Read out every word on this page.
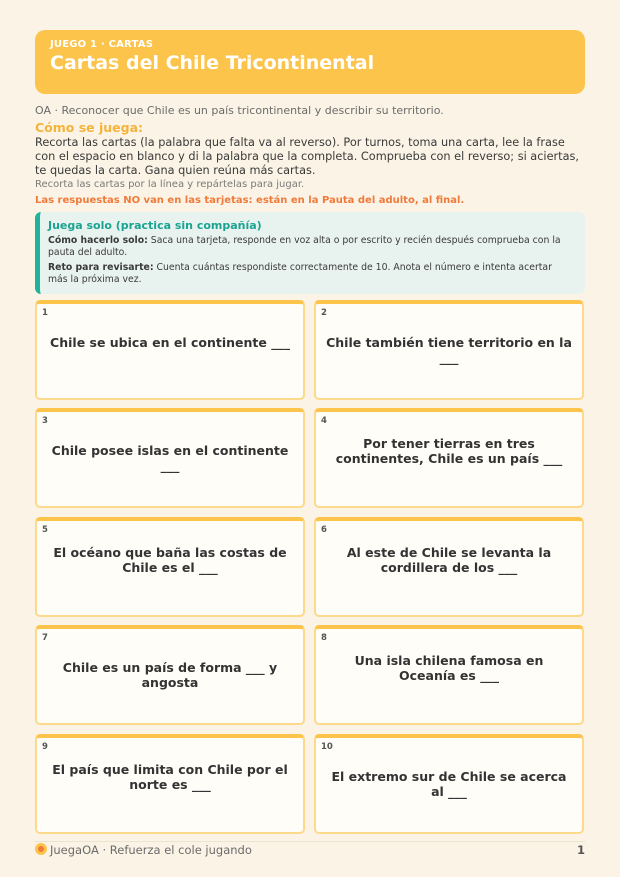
JUEGO 1 · CARTAS
Cartas del Chile Tricontinental
OA · Reconocer que Chile es un país tricontinental y describir su territorio.
Cómo se juega:
Recorta las cartas (la palabra que falta va al reverso). Por turnos, toma una carta, lee la frase con el espacio en blanco y di la palabra que la completa. Comprueba con el reverso; si aciertas, te quedas la carta. Gana quien reúna más cartas.
Recorta las cartas por la línea y repártelas para jugar.
Las respuestas NO van en las tarjetas: están en la Pauta del adulto, al final.
Juega solo (practica sin compañía)
Cómo hacerlo solo: Saca una tarjeta, responde en voz alta o por escrito y recién después comprueba con la pauta del adulto.
Reto para revisarte: Cuenta cuántas respondiste correctamente de 10. Anota el número e intenta acertar más la próxima vez.
1
Chile se ubica en el continente ___
2
Chile también tiene territorio en la ___
3
Chile posee islas en el continente ___
4
Por tener tierras en tres continentes, Chile es un país ___
5
El océano que baña las costas de Chile es el ___
6
Al este de Chile se levanta la cordillera de los ___
7
Chile es un país de forma ___ y angosta
8
Una isla chilena famosa en Oceanía es ___
9
El país que limita con Chile por el norte es ___
10
El extremo sur de Chile se acerca al ___
JuegaOA · Refuerza el cole jugando	1
